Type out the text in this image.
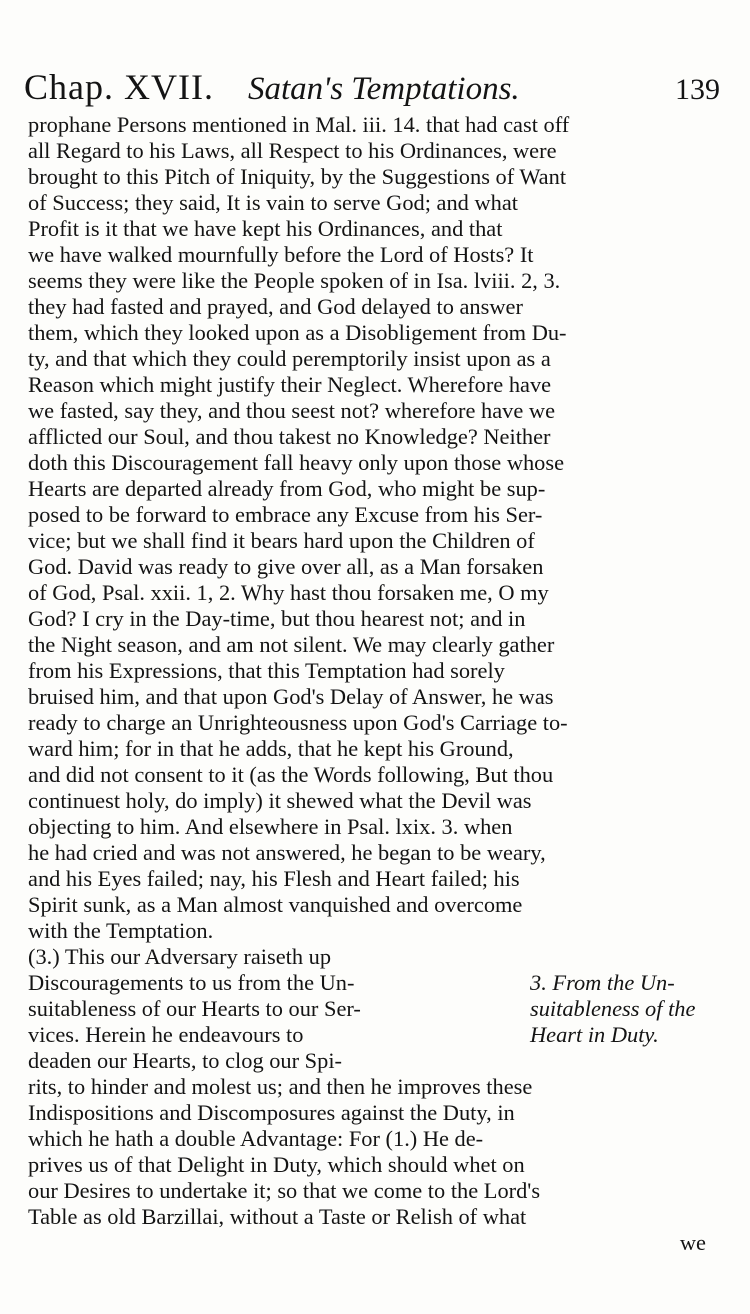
Chap. XVII. Satan's Temptations.	139
prophane Persons mentioned in Mal. iii. 14. that had cast off
all Regard to his Laws, all Respect to his Ordinances, were
brought to this Pitch of Iniquity, by the Suggestions of Want
of Success; they said, It is vain to serve God; and what
Profit is it that we have kept his Ordinances, and that
we have walked mournfully before the Lord of Hosts? It
seems they were like the People spoken of in Isa. lviii. 2, 3.
they had fasted and prayed, and God delayed to answer
them, which they looked upon as a Disobligement from Du-
ty, and that which they could peremptorily insist upon as a
Reason which might justify their Neglect. Wherefore have
we fasted, say they, and thou seest not? wherefore have we
afflicted our Soul, and thou takest no Knowledge? Neither
doth this Discouragement fall heavy only upon those whose
Hearts are departed already from God, who might be sup-
posed to be forward to embrace any Excuse from his Ser-
vice; but we shall find it bears hard upon the Children of
God. David was ready to give over all, as a Man forsaken
of God, Psal. xxii. 1, 2. Why hast thou forsaken me, O my
God? I cry in the Day-time, but thou hearest not; and in
the Night season, and am not silent. We may clearly gather
from his Expressions, that this Temptation had sorely
bruised him, and that upon God's Delay of Answer, he was
ready to charge an Unrighteousness upon God's Carriage to-
ward him; for in that he adds, that he kept his Ground,
and did not consent to it (as the Words following, But thou
continuest holy, do imply) it shewed what the Devil was
objecting to him. And elsewhere in Psal. lxix. 3. when
he had cried and was not answered, he began to be weary,
and his Eyes failed; nay, his Flesh and Heart failed; his
Spirit sunk, as a Man almost vanquished and overcome
with the Temptation.
(3.) This our Adversary raiseth up
Discouragements to us from the Un-	3. From the Un-
suitableness of our Hearts to our Ser-	suitableness of the
vices. Herein he endeavours to	Heart in Duty.
deaden our Hearts, to clog our Spi-
rits, to hinder and molest us; and then he improves these
Indispositions and Discomposures against the Duty, in
which he hath a double Advantage: For (1.) He de-
prives us of that Delight in Duty, which should whet on
our Desires to undertake it; so that we come to the Lord's
Table as old Barzillai, without a Taste or Relish of what
we
